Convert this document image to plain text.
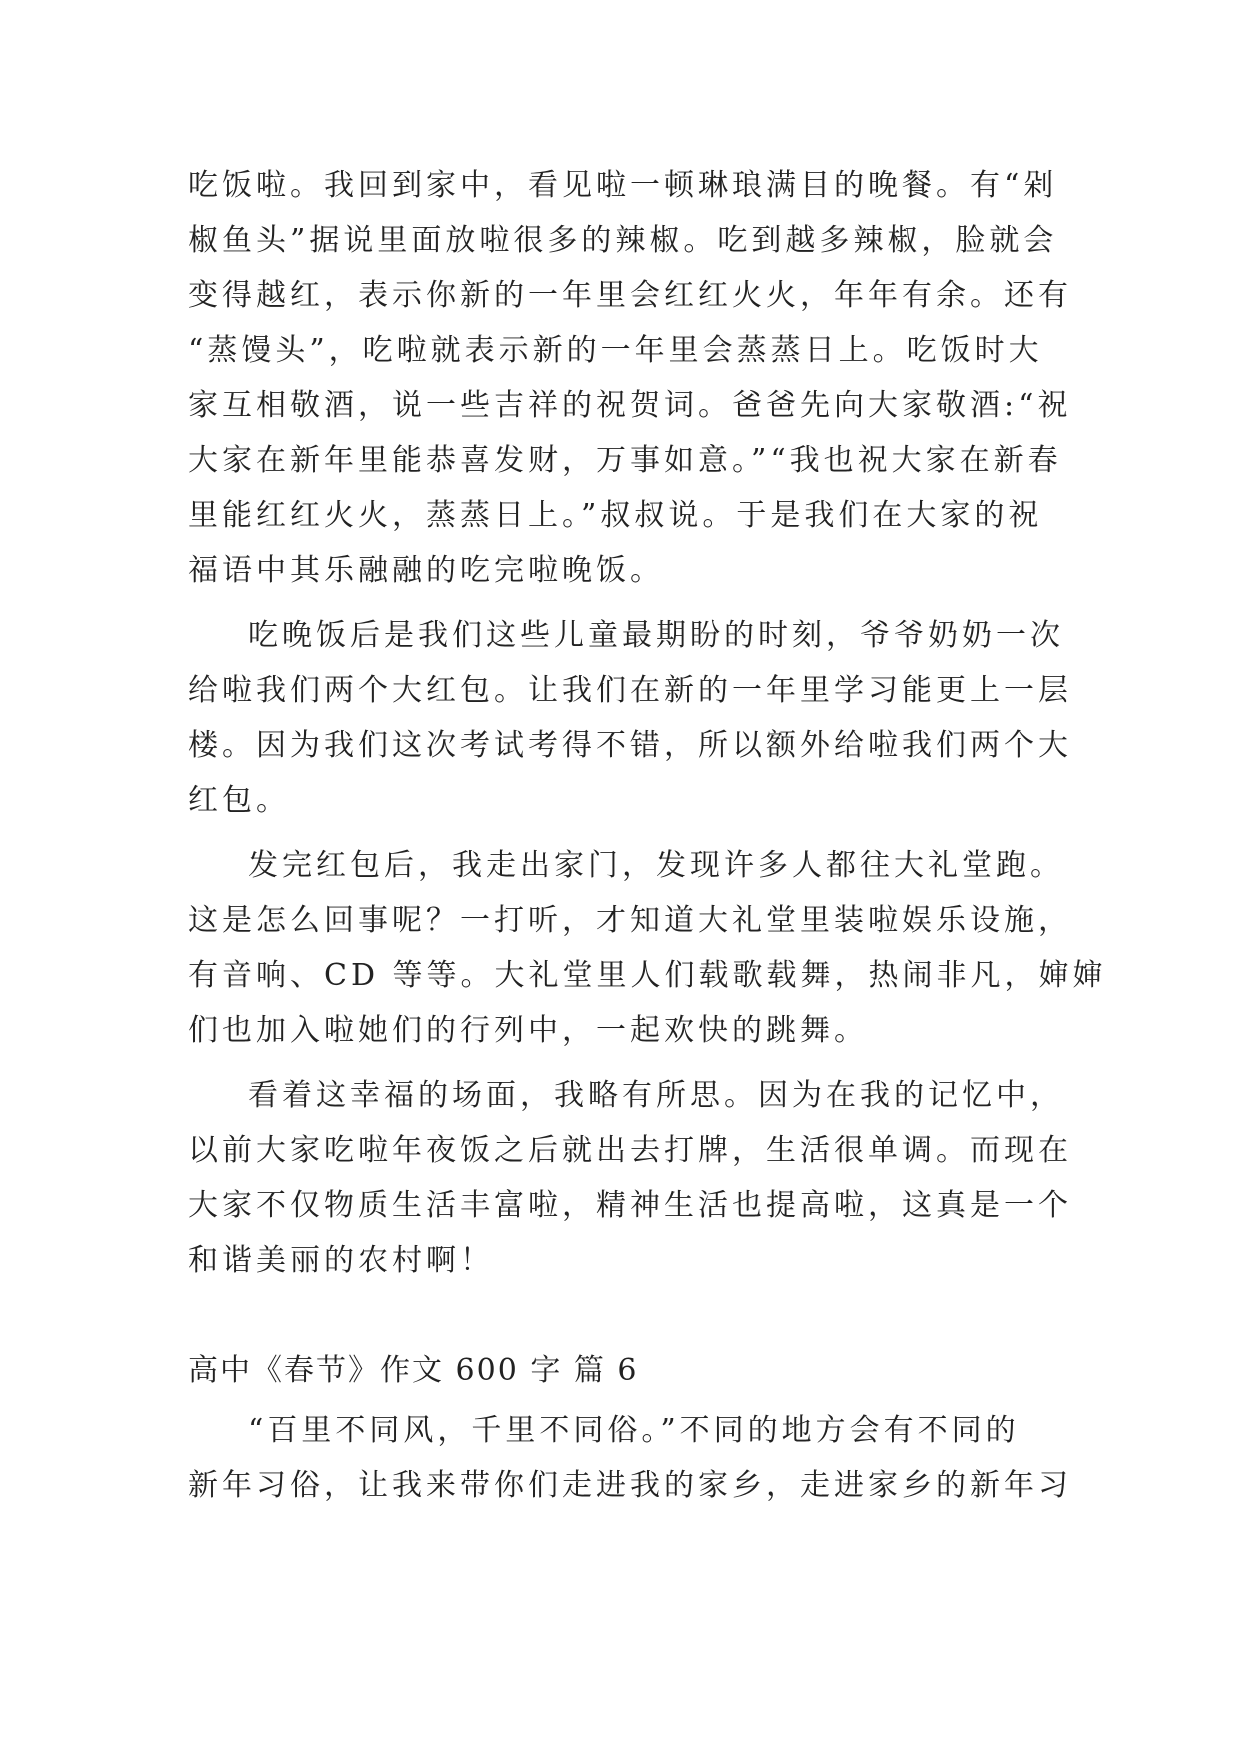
吃饭啦。我回到家中，看见啦一顿琳琅满目的晚餐。有“剁
椒鱼头”据说里面放啦很多的辣椒。吃到越多辣椒，脸就会
变得越红，表示你新的一年里会红红火火，年年有余。还有
“蒸馒头”，吃啦就表示新的一年里会蒸蒸日上。吃饭时大
家互相敬酒，说一些吉祥的祝贺词。爸爸先向大家敬酒:“祝
大家在新年里能恭喜发财，万事如意。”“我也祝大家在新春
里能红红火火，蒸蒸日上。”叔叔说。于是我们在大家的祝
福语中其乐融融的吃完啦晚饭。
吃晚饭后是我们这些儿童最期盼的时刻，爷爷奶奶一次
给啦我们两个大红包。让我们在新的一年里学习能更上一层
楼。因为我们这次考试考得不错，所以额外给啦我们两个大
红包。
发完红包后，我走出家门，发现许多人都往大礼堂跑。
这是怎么回事呢？一打听，才知道大礼堂里装啦娱乐设施，
有音响、CD 等等。大礼堂里人们载歌载舞，热闹非凡，婶婶
们也加入啦她们的行列中，一起欢快的跳舞。
看着这幸福的场面，我略有所思。因为在我的记忆中，
以前大家吃啦年夜饭之后就出去打牌，生活很单调。而现在
大家不仅物质生活丰富啦，精神生活也提高啦，这真是一个
和谐美丽的农村啊！
高中《春节》作文 600 字 篇 6
“百里不同风，千里不同俗。”不同的地方会有不同的
新年习俗，让我来带你们走进我的家乡，走进家乡的新年习
